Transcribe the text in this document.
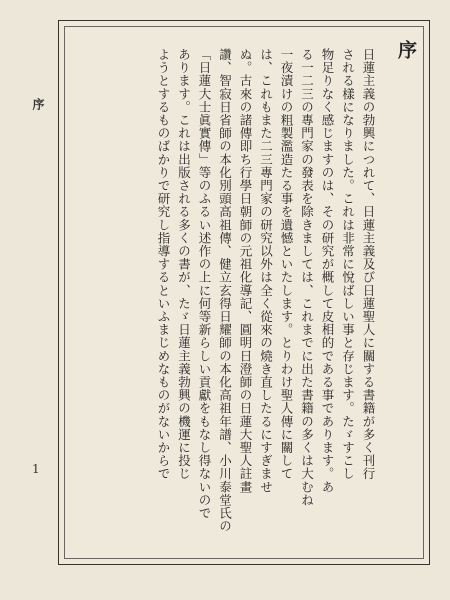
序
日蓮主義の勃興につれて、日蓮主義及び日蓮聖人に關する書籍が多く刊行
される樣になりました。これは非常に悅ばしい事と存じます。たゞすこし
物足りなく感じますのは、その研究が概して皮相的である事であります。あ
る一二三の專門家の發表を除きましては、これまでに出た書籍の多くは大むね
一夜漬けの粗製濫造たる事を遺憾といたします。とりわけ聖人傳に關して
は、これもまた二三專門家の研究以外は全く從來の燒き直したるにすぎませ
ぬ。古來の諸傳即ち行學日朝師の元祖化導記、圓明日澄師の日蓮大聖人註畫
讚、智寂日省師の本化別頭高祖傳、健立玄得日耀師の本化高祖年譜、小川泰堂氏の
「日蓮大士眞實傳」等のふるい述作の上に何等新らしい貢獻をもなし得ないので
あります。これは出版される多くの書が、たゞ日蓮主義勃興の機運に投じ
ようとするものばかりで研究し指導するといふまじめなものがないからで
序
1
